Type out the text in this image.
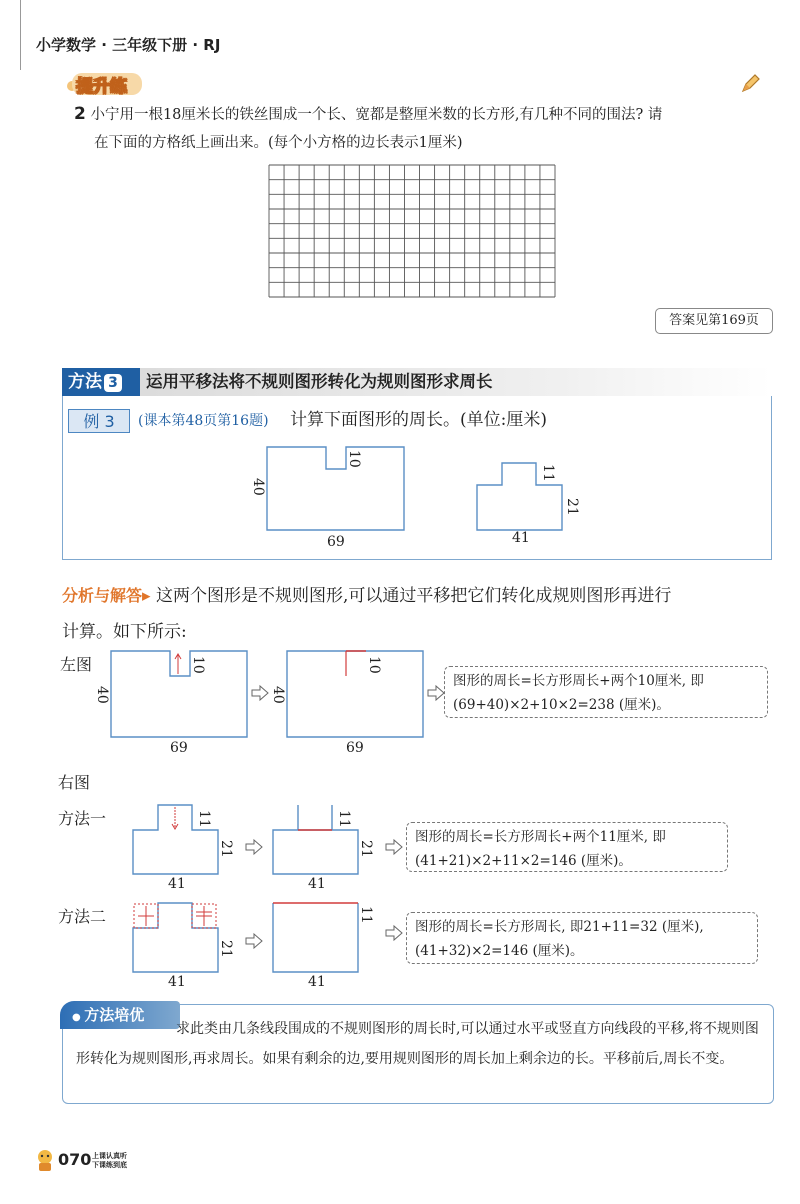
小学数学 · 三年级下册 · RJ
提升练
2 小宁用一根18厘米长的铁丝围成一个长、宽都是整厘米数的长方形,有几种不同的围法? 请
在下面的方格纸上画出来。(每个小方格的边长表示1厘米)
答案见第169页
方法 3	运用平移法将不规则图形转化为规则图形求周长
例 3	(课本第48页第16题) 计算下面图形的周长。(单位:厘米)
40
10
69
11
21
41
分析与解答▸ 这两个图形是不规则图形,可以通过平移把它们转化成规则图形再进行
计算。如下所示:
左图
40
10
69
40
10
69
图形的周长=长方形周长+两个10厘米, 即
(69+40)×2+10×2=238 (厘米)。
右图
方法一	11
21
41
11
21
41
图形的周长=长方形周长+两个11厘米, 即
(41+21)×2+11×2=146 (厘米)。
方法二
21
41
11
41
图形的周长=长方形周长, 即21+11=32 (厘米),
(41+32)×2=146 (厘米)。
● 方法培优
求此类由几条线段围成的不规则图形的周长时,可以通过水平或竖直方向线段的平移,将不规则图形转化为规则图形,再求周长。如果有剩余的边,要用规则图形的周长加上剩余边的长。平移前后,周长不变。
070 上课认真听
下课练到底
